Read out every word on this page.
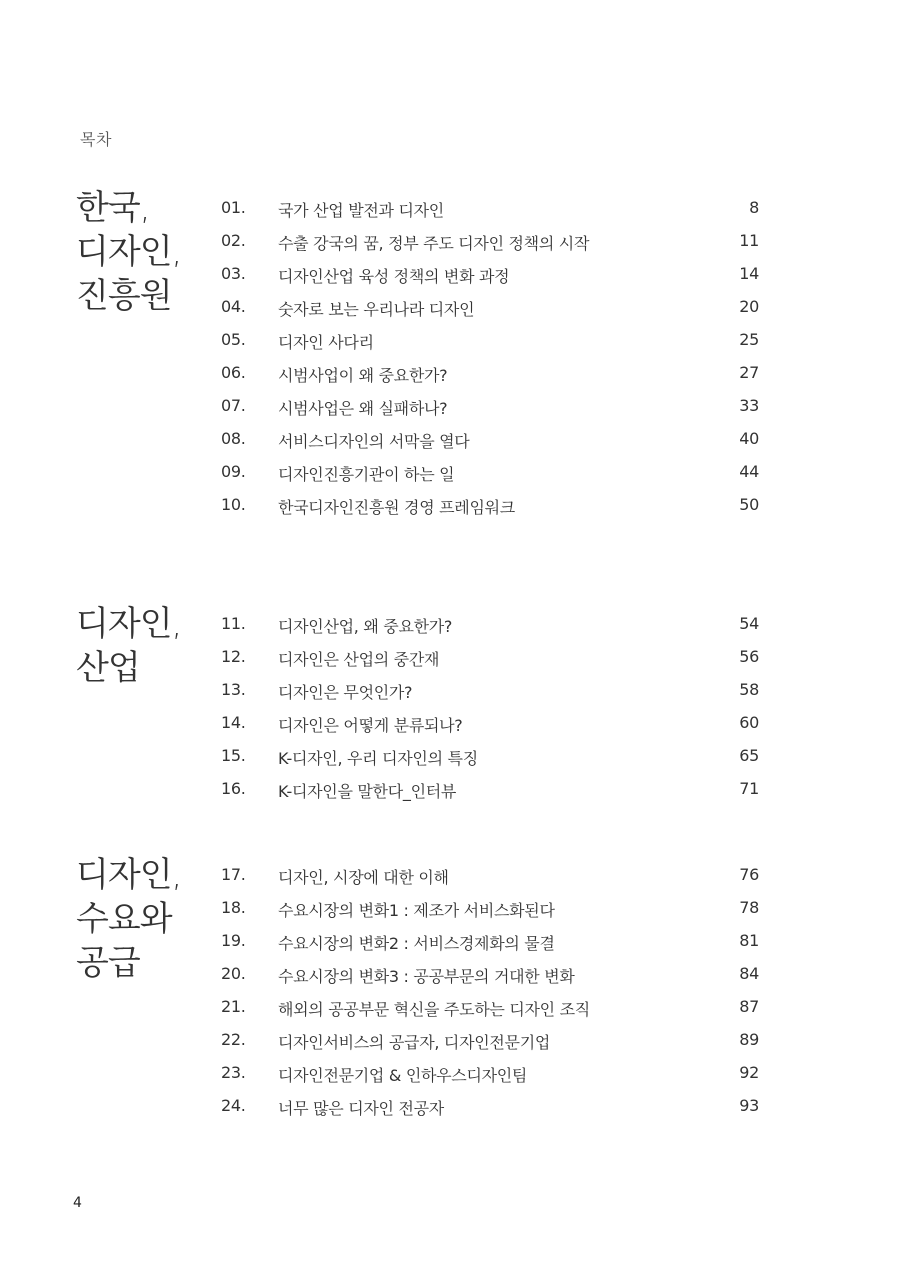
목차
한국,
디자인,
진흥원
01. 국가 산업 발전과 디자인	8
02. 수출 강국의 꿈, 정부 주도 디자인 정책의 시작	11
03. 디자인산업 육성 정책의 변화 과정	14
04. 숫자로 보는 우리나라 디자인	20
05. 디자인 사다리	25
06. 시범사업이 왜 중요한가?	27
07. 시범사업은 왜 실패하나?	33
08. 서비스디자인의 서막을 열다	40
09. 디자인진흥기관이 하는 일	44
10. 한국디자인진흥원 경영 프레임워크	50
디자인,
산업
11. 디자인산업, 왜 중요한가?	54
12. 디자인은 산업의 중간재	56
13. 디자인은 무엇인가?	58
14. 디자인은 어떻게 분류되나?	60
15. K-디자인, 우리 디자인의 특징	65
16. K-디자인을 말한다_인터뷰	71
디자인,
수요와
공급
17. 디자인, 시장에 대한 이해	76
18. 수요시장의 변화1 : 제조가 서비스화된다	78
19. 수요시장의 변화2 : 서비스경제화의 물결	81
20. 수요시장의 변화3 : 공공부문의 거대한 변화	84
21. 해외의 공공부문 혁신을 주도하는 디자인 조직	87
22. 디자인서비스의 공급자, 디자인전문기업	89
23. 디자인전문기업 & 인하우스디자인팀	92
24. 너무 많은 디자인 전공자	93
4
